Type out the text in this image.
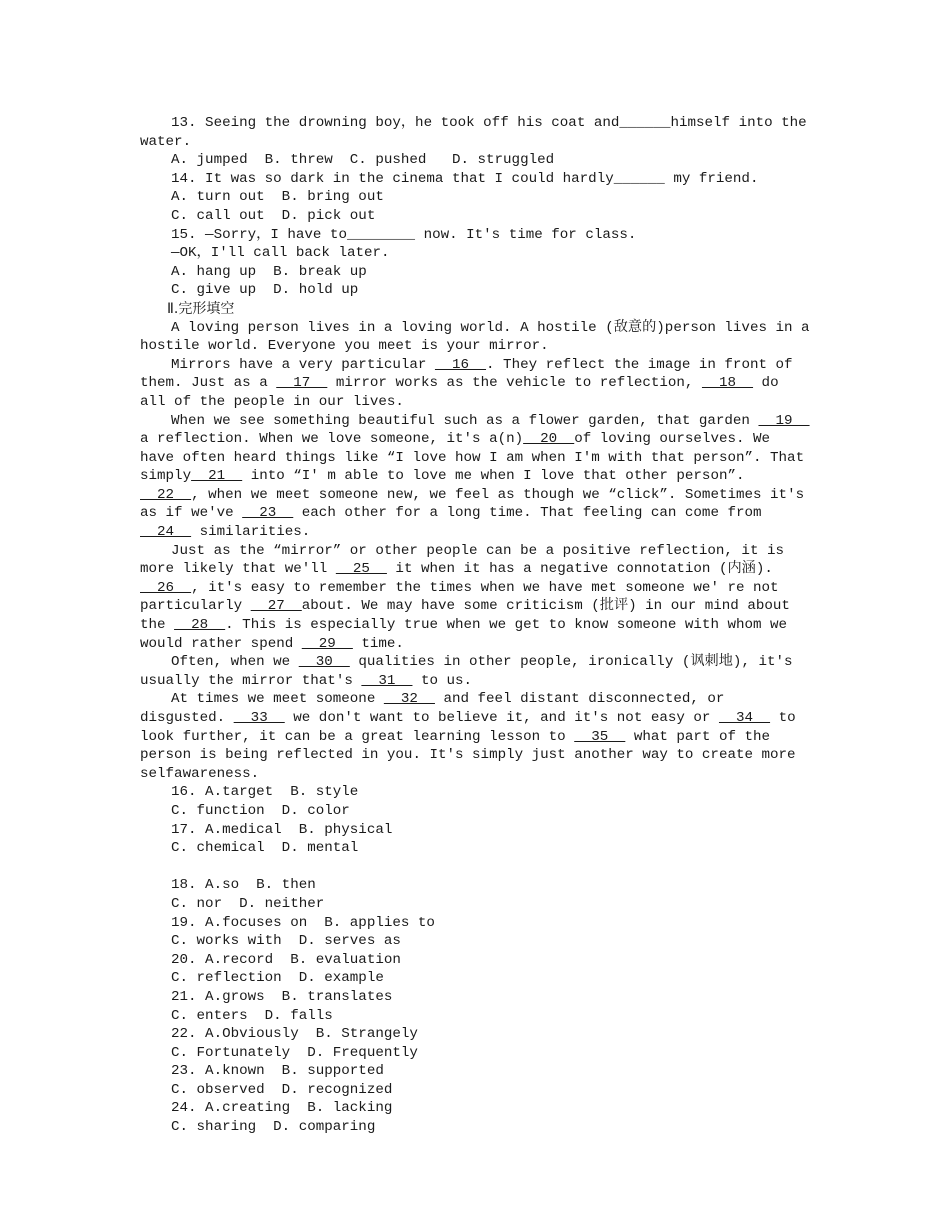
13. Seeing the drowning boy，he took off his coat and______himself into the water.

A. jumped  B. threw  C. pushed   D. struggled

14. It was so dark in the cinema that I could hardly______ my friend.

A. turn out  B. bring out

C. call out  D. pick out

15. —Sorry，I have to________ now. It's time for class.

—OK，I'll call back later.

A. hang up  B. break up

C. give up  D. hold up

Ⅱ.完形填空

A loving person lives in a loving world. A hostile (敌意的)person lives in a hostile world. Everyone you meet is your mirror.

Mirrors have a very particular   16  . They reflect the image in front of them. Just as a   17   mirror works as the vehicle to reflection,   18   do all of the people in our lives.

When we see something beautiful such as a flower garden, that garden   19   a reflection. When we love someone, it's a(n)  20  of loving ourselves. We have often heard things like “I love how I am when I'm with that person”. That simply  21   into “I' m able to love me when I love that other person”.   22  , when we meet someone new, we feel as though we “click”. Sometimes it's as if we've   23   each other for a long time. That feeling can come from   24   similarities.

Just as the “mirror” or other people can be a positive reflection, it is more likely that we'll   25   it when it has a negative connotation (内涵).   26  , it's easy to remember the times when we have met someone we' re not particularly   27  about. We may have some criticism (批评) in our mind about the   28  . This is especially true when we get to know someone with whom we would rather spend   29   time.

Often, when we   30   qualities in other people, ironically (讽刺地), it's usually the mirror that's   31   to us.

At times we meet someone   32   and feel distant disconnected, or disgusted.   33   we don't want to believe it, and it's not easy or   34   to look further, it can be a great learning lesson to   35   what part of the person is being reflected in you. It's simply just another way to create more selfawareness.

16. A.target  B. style

C. function  D. color

17. A.medical  B. physical

C. chemical  D. mental

18. A.so  B. then

C. nor  D. neither

19. A.focuses on  B. applies to

C. works with  D. serves as

20. A.record  B. evaluation

C. reflection  D. example

21. A.grows  B. translates

C. enters  D. falls

22. A.Obviously  B. Strangely

C. Fortunately  D. Frequently

23. A.known  B. supported

C. observed  D. recognized

24. A.creating  B. lacking

C. sharing  D. comparing
